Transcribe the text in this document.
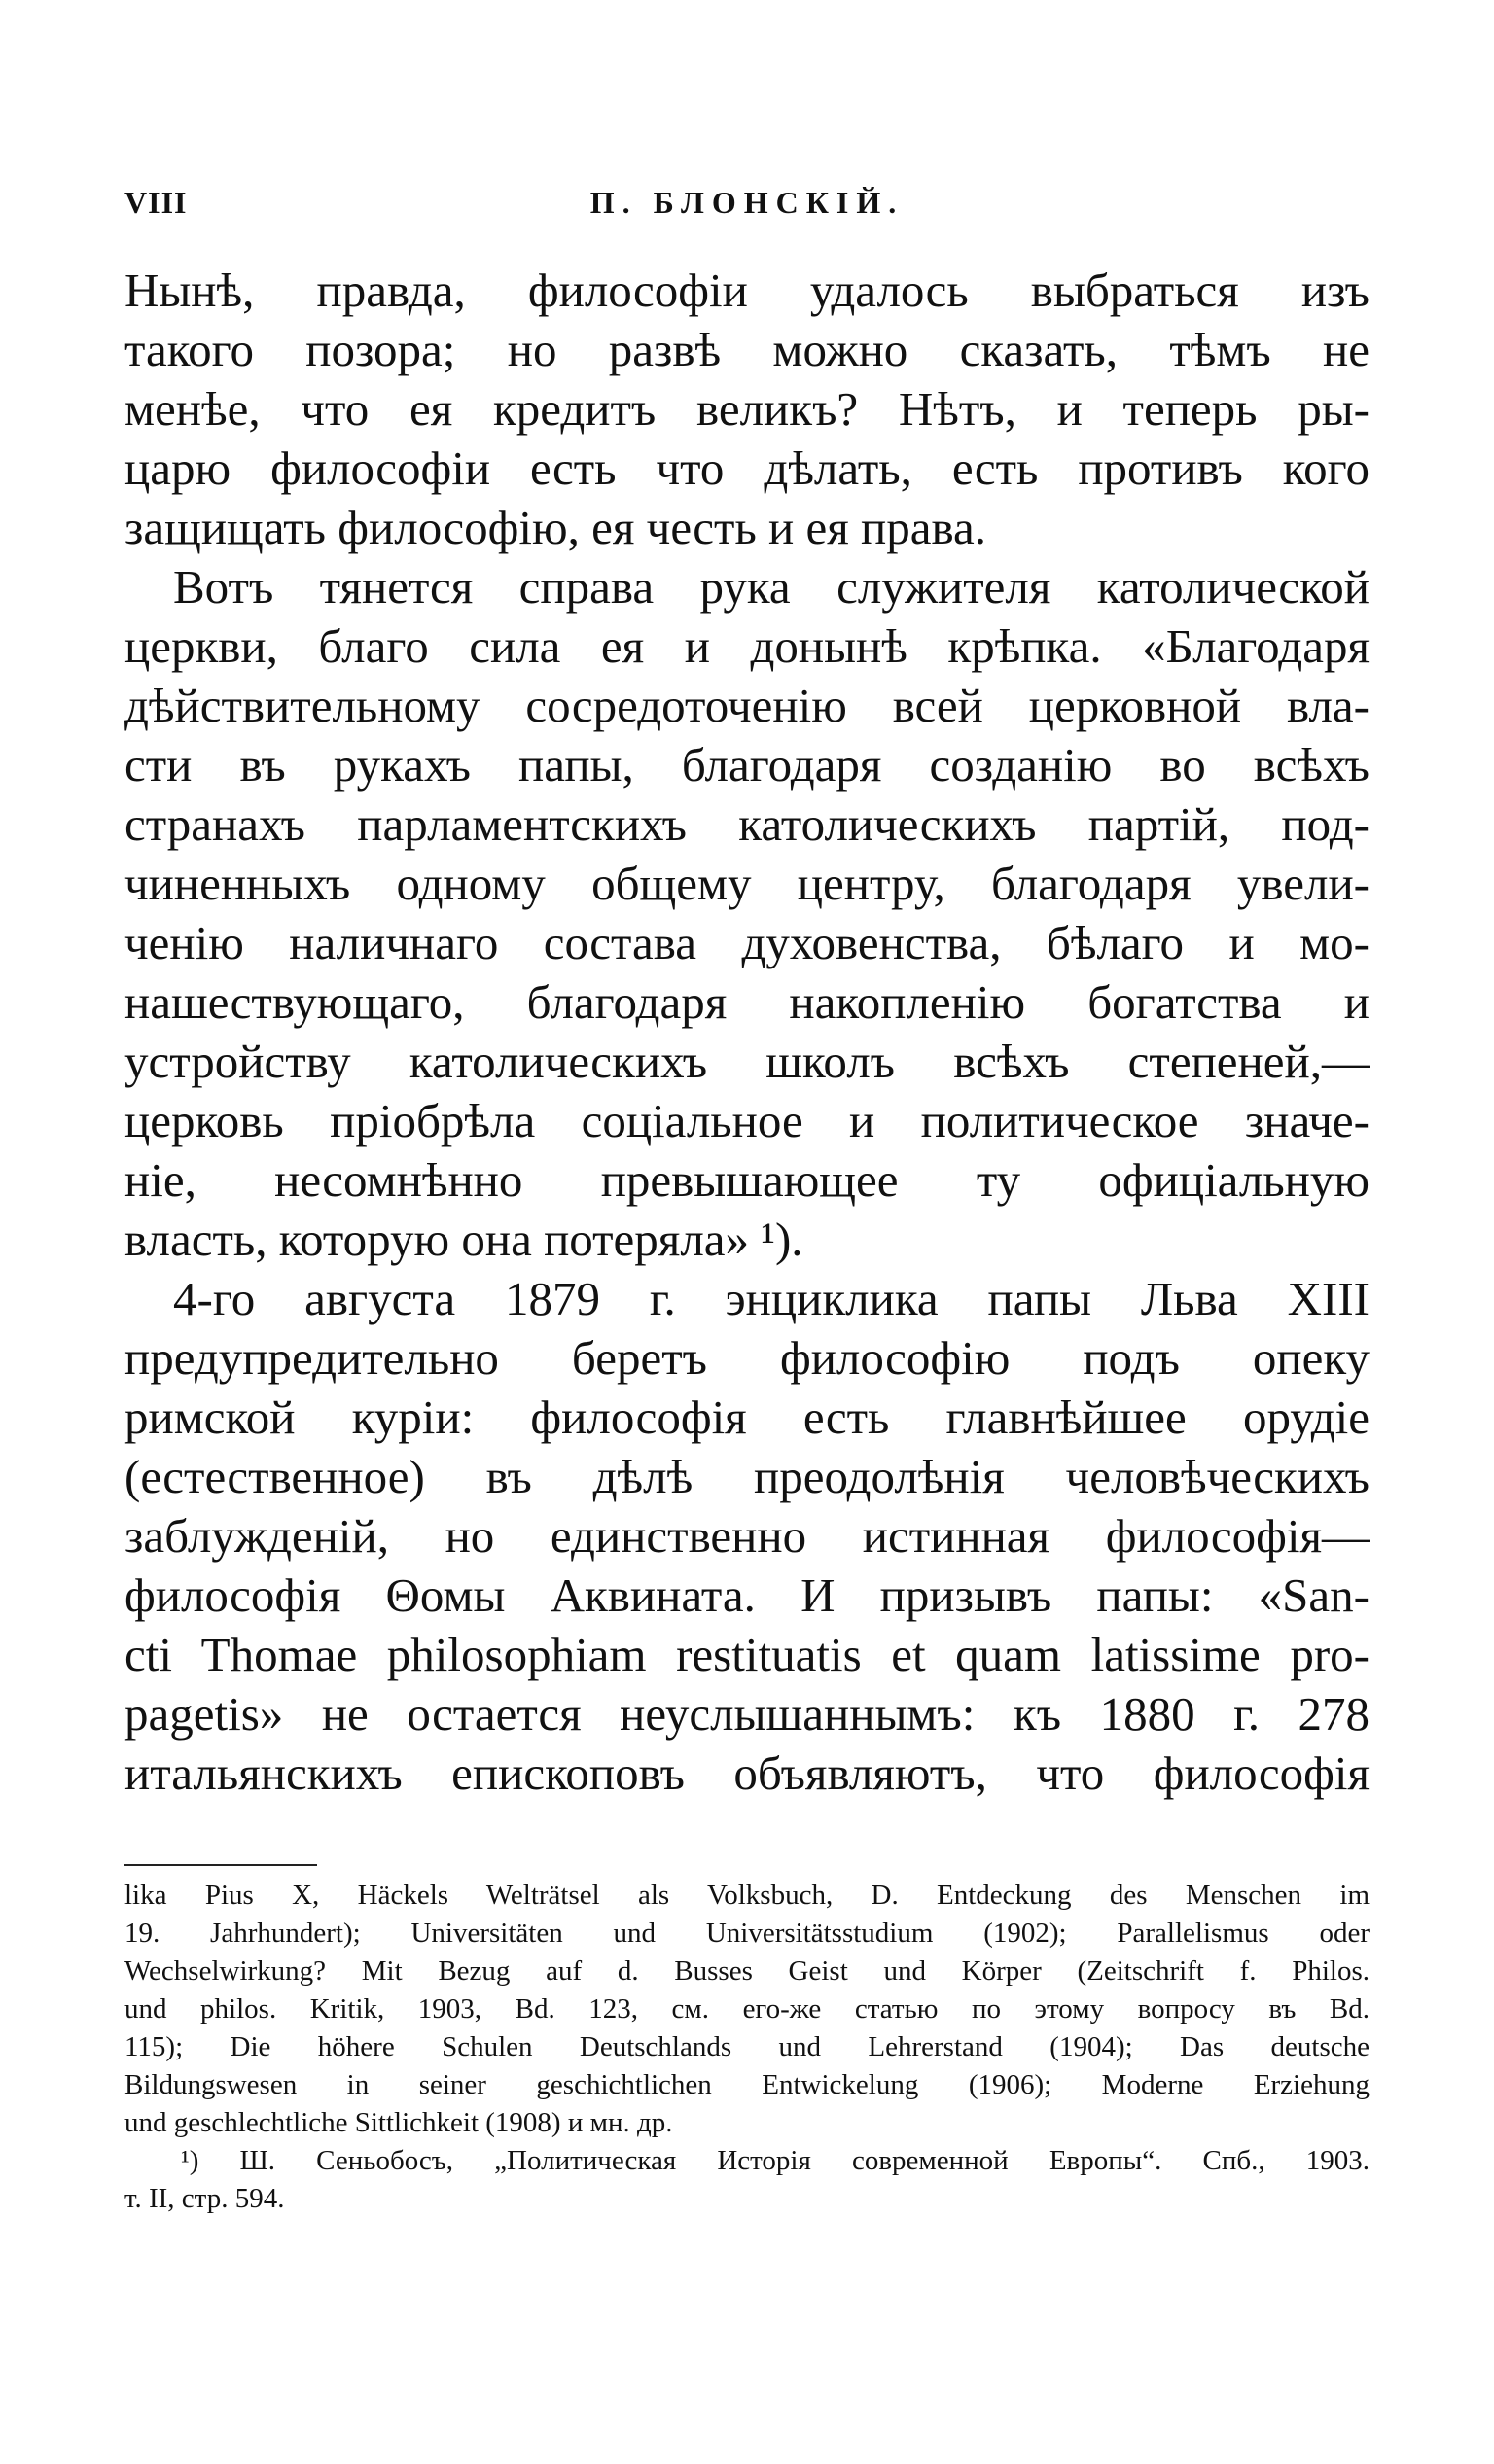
VIII	П. БЛОНСКІЙ.
Нынѣ, правда, философіи удалось выбраться изъ
такого позора; но развѣ можно сказать, тѣмъ не
менѣе, что ея кредитъ великъ? Нѣтъ, и теперь ры-
царю философіи есть что дѣлать, есть противъ кого
защищать философію, ея честь и ея права.
Вотъ тянется справа рука служителя католической
церкви, благо сила ея и донынѣ крѣпка. «Благодаря
дѣйствительному сосредоточенію всей церковной вла-
сти въ рукахъ папы, благодаря созданію во всѣхъ
странахъ парламентскихъ католическихъ партій, под-
чиненныхъ одному общему центру, благодаря увели-
ченію наличнаго состава духовенства, бѣлаго и мо-
нашествующаго, благодаря накопленію богатства и
устройству католическихъ школъ всѣхъ степеней,—
церковь пріобрѣла соціальное и политическое значе-
ніе, несомнѣнно превышающее ту офиціальную
власть, которую она потеряла» ¹).
4-го августа 1879 г. энциклика папы Льва XIII
предупредительно беретъ философію подъ опеку
римской куріи: философія есть главнѣйшее орудіе
(естественное) въ дѣлѣ преодолѣнія человѣческихъ
заблужденій, но единственно истинная философія—
философія Θомы Аквината. И призывъ папы: «San-
cti Thomae philosophiam restituatis et quam latissime pro-
pagetis» не остается неуслышаннымъ: къ 1880 г. 278
итальянскихъ епископовъ объявляютъ, что философія
lika Pius X, Häckels Welträtsel als Volksbuch, D. Entdeckung des Menschen im
19. Jahrhundert); Universitäten und Universitätsstudium (1902); Parallelismus oder
Wechselwirkung? Mit Bezug auf d. Busses Geist und Körper (Zeitschrift f. Philos.
und philos. Kritik, 1903, Bd. 123, см. его-же статью по этому вопросу въ Bd.
115); Die höhere Schulen Deutschlands und Lehrerstand (1904); Das deutsche
Bildungswesen in seiner geschichtlichen Entwickelung (1906); Moderne Erziehung
und geschlechtliche Sittlichkeit (1908) и мн. др.
¹) Ш. Сеньобосъ, „Политическая Исторія современной Европы“. Спб., 1903.
т. II, стр. 594.
